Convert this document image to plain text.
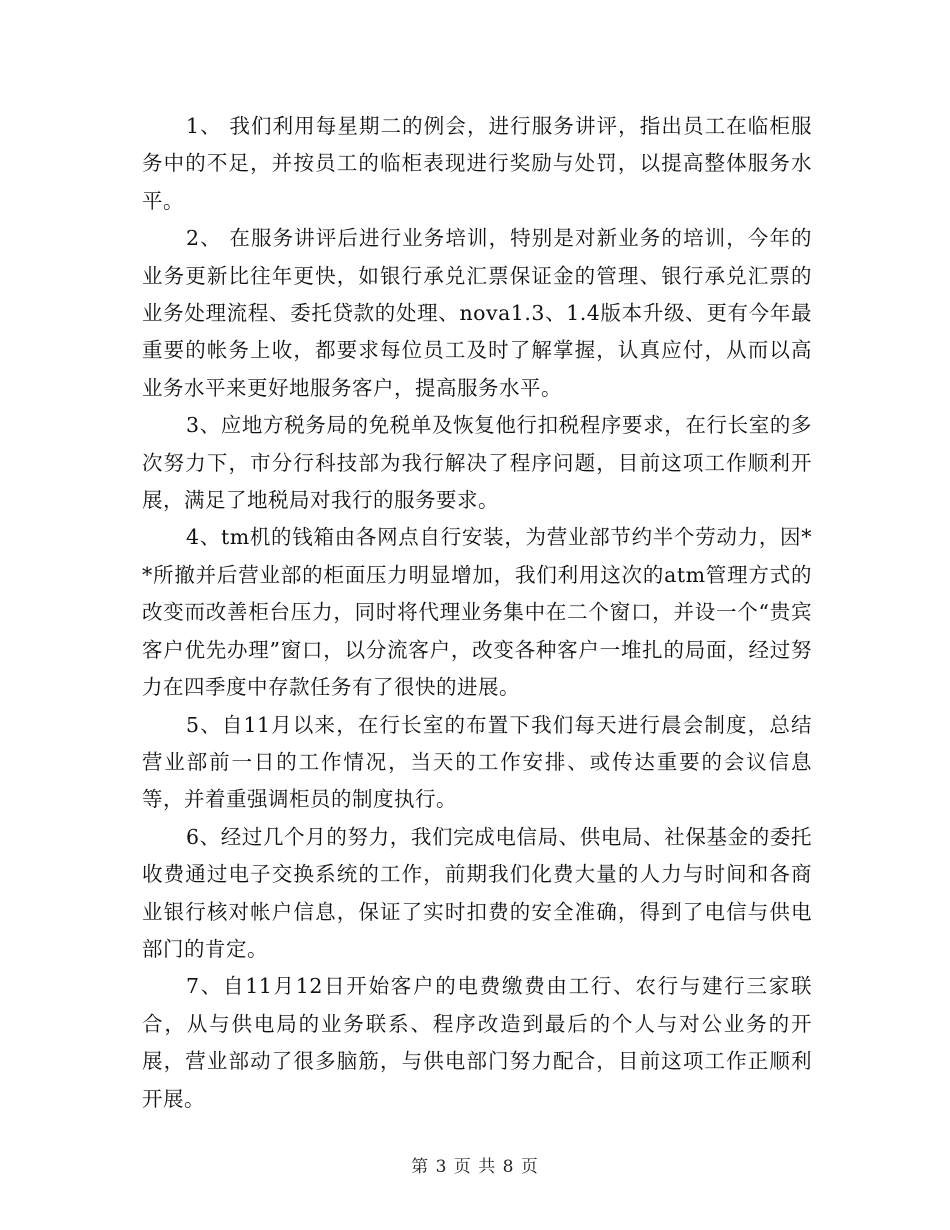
1、 我们利用每星期二的例会，进行服务讲评，指出员工在临柜服务中的不足，并按员工的临柜表现进行奖励与处罚，以提高整体服务水平。

2、 在服务讲评后进行业务培训，特别是对新业务的培训，今年的业务更新比往年更快，如银行承兑汇票保证金的管理、银行承兑汇票的业务处理流程、委托贷款的处理、nova1.3、1.4版本升级、更有今年最重要的帐务上收，都要求每位员工及时了解掌握，认真应付，从而以高业务水平来更好地服务客户，提高服务水平。

3、应地方税务局的免税单及恢复他行扣税程序要求，在行长室的多次努力下，市分行科技部为我行解决了程序问题，目前这项工作顺利开展，满足了地税局对我行的服务要求。

4、tm机的钱箱由各网点自行安装，为营业部节约半个劳动力，因**所撤并后营业部的柜面压力明显增加，我们利用这次的atm管理方式的改变而改善柜台压力，同时将代理业务集中在二个窗口，并设一个“贵宾客户优先办理”窗口，以分流客户，改变各种客户一堆扎的局面，经过努力在四季度中存款任务有了很快的进展。

5、自11月以来，在行长室的布置下我们每天进行晨会制度，总结营业部前一日的工作情况，当天的工作安排、或传达重要的会议信息等，并着重强调柜员的制度执行。

6、经过几个月的努力，我们完成电信局、供电局、社保基金的委托收费通过电子交换系统的工作，前期我们化费大量的人力与时间和各商业银行核对帐户信息，保证了实时扣费的安全准确，得到了电信与供电部门的肯定。

7、自11月12日开始客户的电费缴费由工行、农行与建行三家联合，从与供电局的业务联系、程序改造到最后的个人与对公业务的开展，营业部动了很多脑筋，与供电部门努力配合，目前这项工作正顺利开展。

第 3 页 共 8 页
